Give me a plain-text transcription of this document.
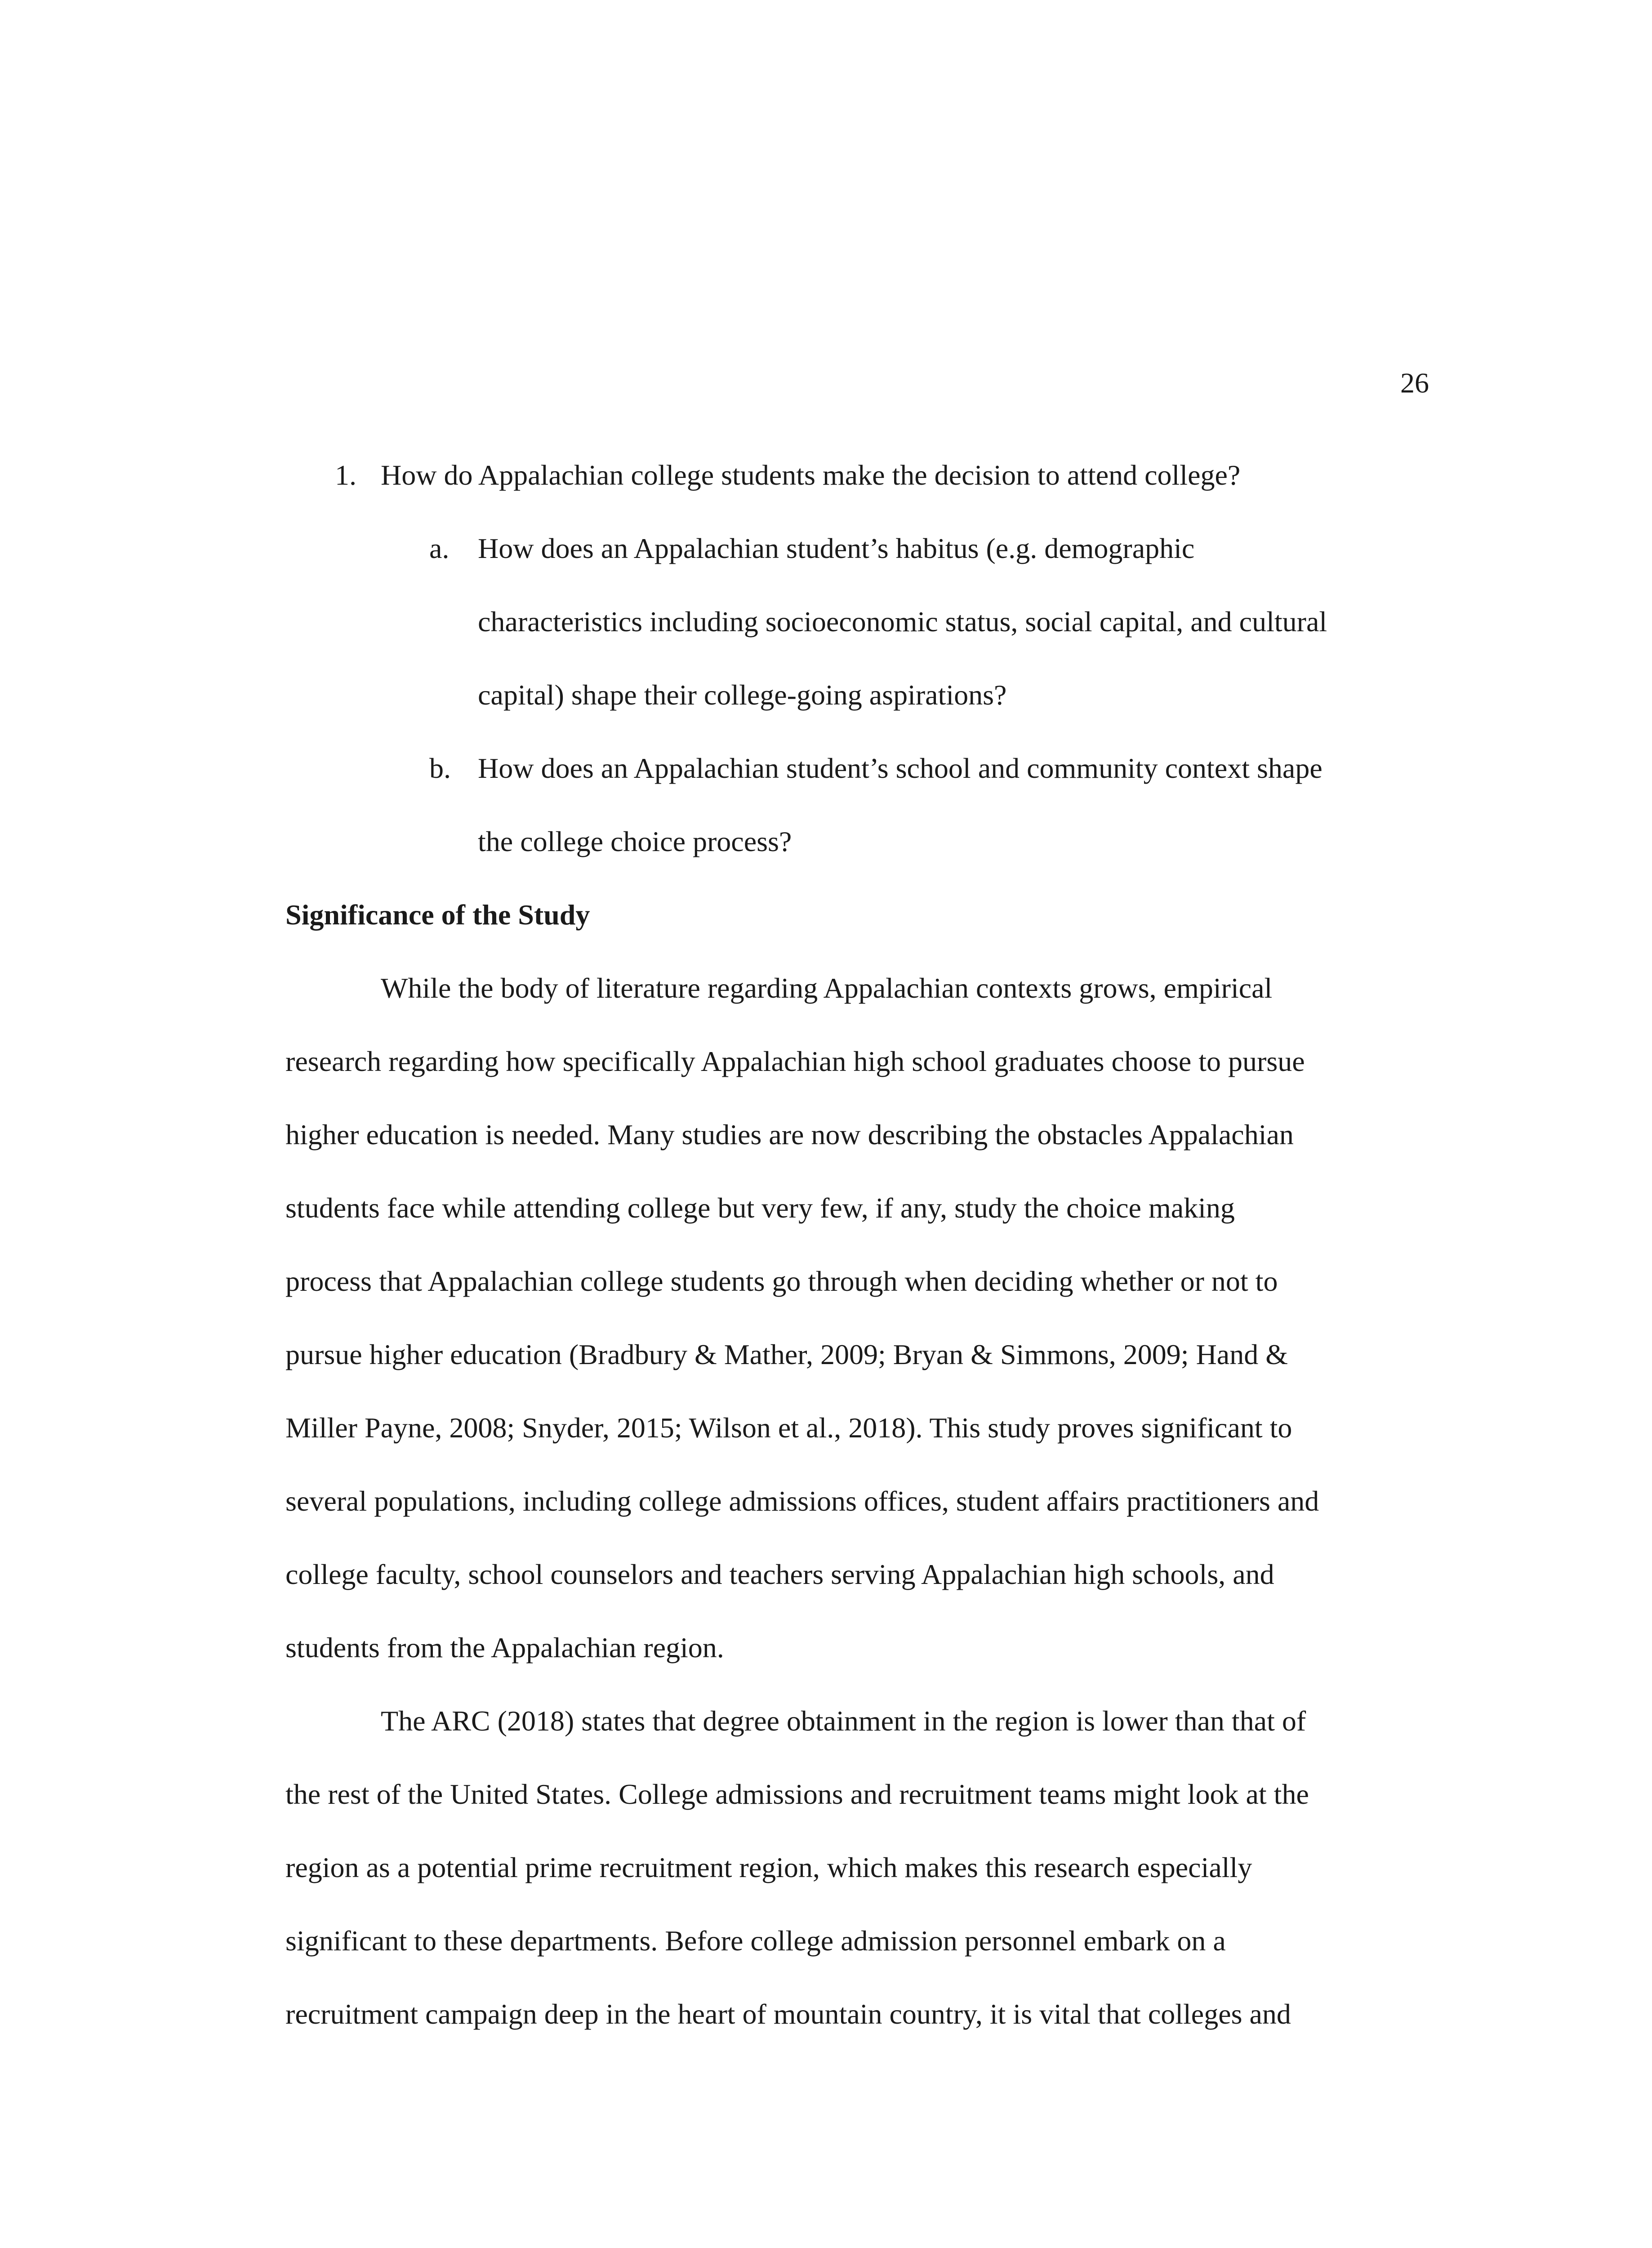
26
1. How do Appalachian college students make the decision to attend college?
a. How does an Appalachian student’s habitus (e.g. demographic
characteristics including socioeconomic status, social capital, and cultural
capital) shape their college-going aspirations?
b. How does an Appalachian student’s school and community context shape
the college choice process?
Significance of the Study

While the body of literature regarding Appalachian contexts grows, empirical
research regarding how specifically Appalachian high school graduates choose to pursue
higher education is needed. Many studies are now describing the obstacles Appalachian
students face while attending college but very few, if any, study the choice making
process that Appalachian college students go through when deciding whether or not to
pursue higher education (Bradbury & Mather, 2009; Bryan & Simmons, 2009; Hand &
Miller Payne, 2008; Snyder, 2015; Wilson et al., 2018). This study proves significant to
several populations, including college admissions offices, student affairs practitioners and
college faculty, school counselors and teachers serving Appalachian high schools, and
students from the Appalachian region.

The ARC (2018) states that degree obtainment in the region is lower than that of
the rest of the United States. College admissions and recruitment teams might look at the
region as a potential prime recruitment region, which makes this research especially
significant to these departments. Before college admission personnel embark on a
recruitment campaign deep in the heart of mountain country, it is vital that colleges and
